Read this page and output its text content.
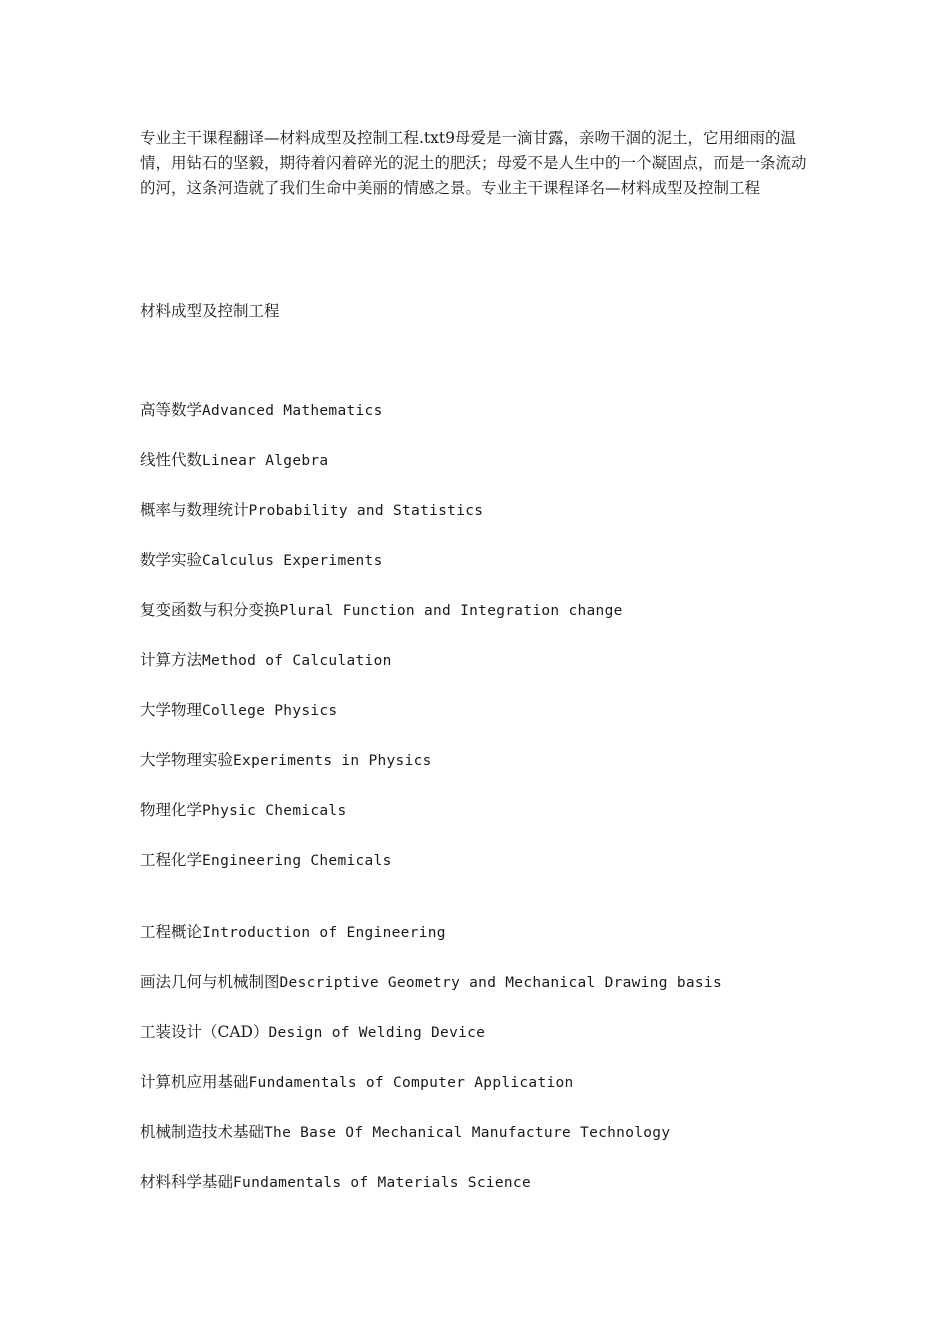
专业主干课程翻译—材料成型及控制工程.txt9母爱是一滴甘露，亲吻干涸的泥土，它用细雨的温情，用钻石的坚毅，期待着闪着碎光的泥土的肥沃；母爱不是人生中的一个凝固点，而是一条流动的河，这条河造就了我们生命中美丽的情感之景。专业主干课程译名—材料成型及控制工程

材料成型及控制工程

高等数学Advanced Mathematics
线性代数Linear Algebra
概率与数理统计Probability and Statistics
数学实验Calculus Experiments
复变函数与积分变换Plural Function and Integration change
计算方法Method of Calculation
大学物理College Physics
大学物理实验Experiments in Physics
物理化学Physic Chemicals
工程化学Engineering Chemicals
工程概论Introduction of Engineering
画法几何与机械制图Descriptive Geometry and Mechanical Drawing basis
工装设计（CAD）Design of Welding Device
计算机应用基础Fundamentals of Computer Application
机械制造技术基础The Base Of Mechanical Manufacture Technology
材料科学基础Fundamentals of Materials Science
